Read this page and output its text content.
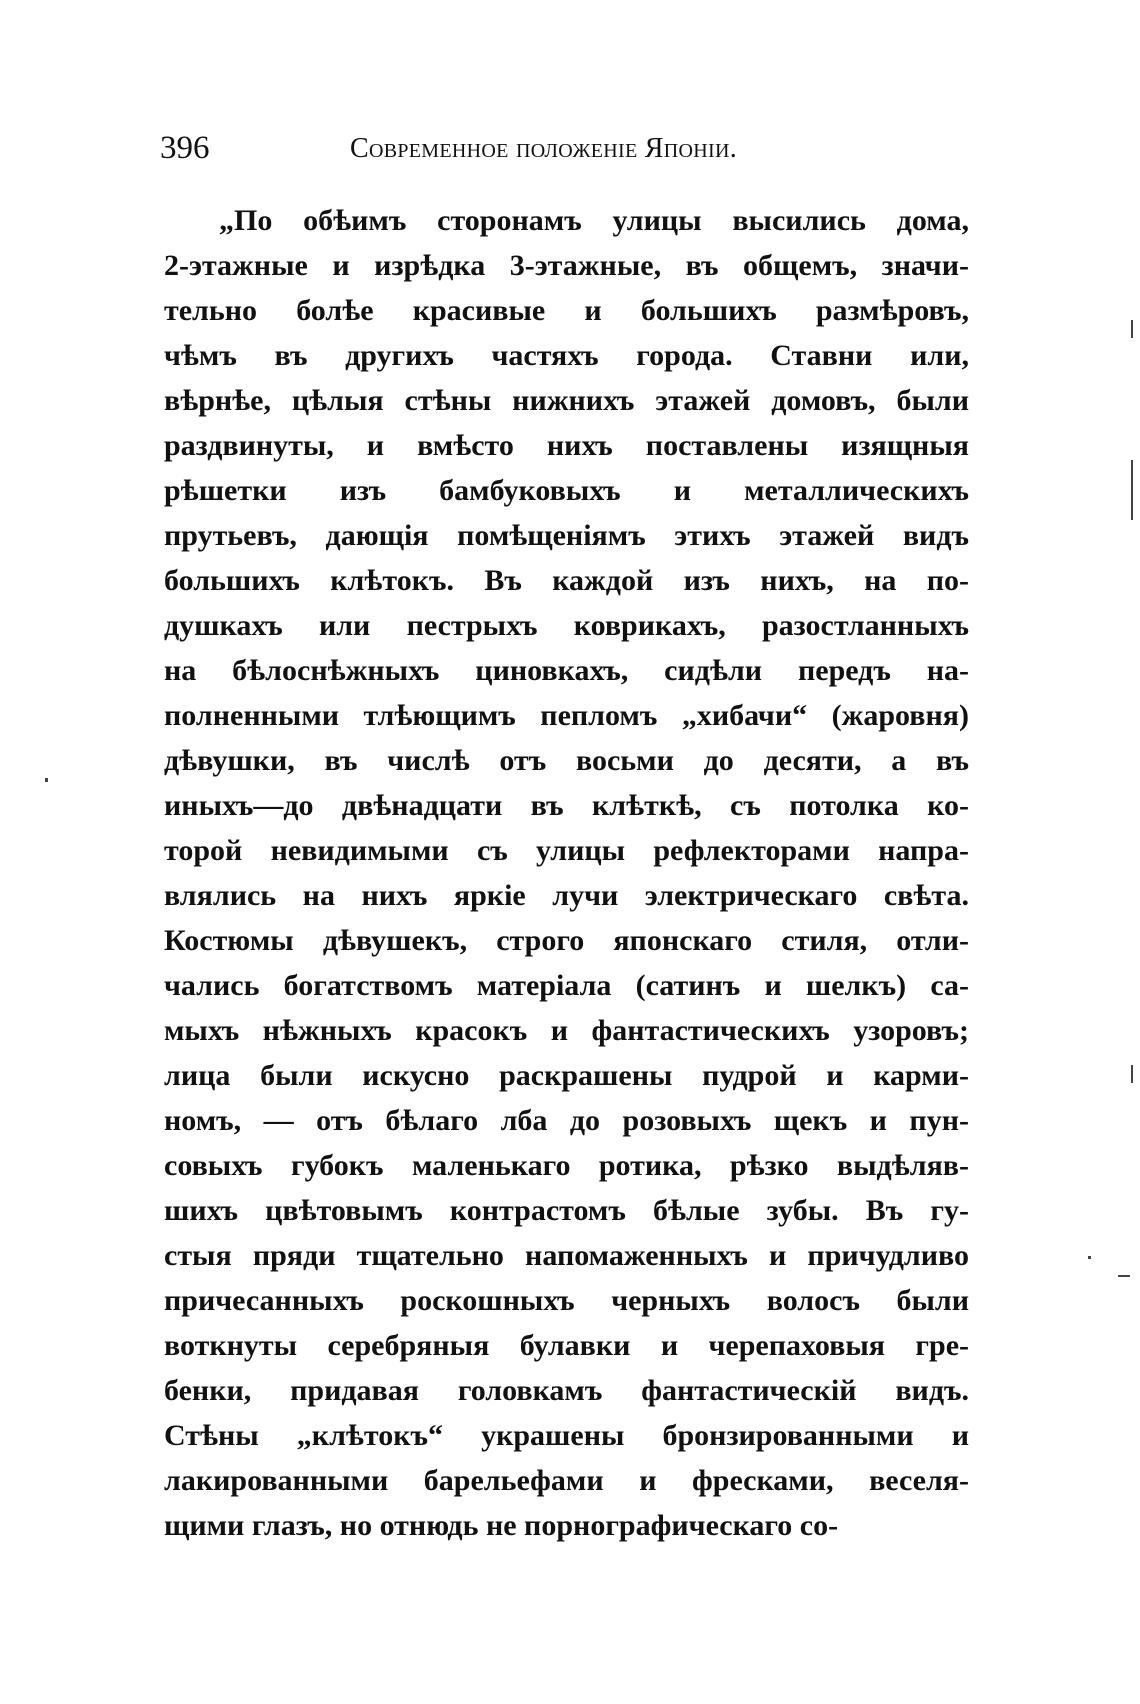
396	Современное положеніе Японіи.
„По обѣимъ сторонамъ улицы высились дома,
2-этажные и изрѣдка 3-этажные, въ общемъ, значи-
тельно болѣе красивые и большихъ размѣровъ,
чѣмъ въ другихъ частяхъ города. Ставни или,
вѣрнѣе, цѣлыя стѣны нижнихъ этажей домовъ, были
раздвинуты, и вмѣсто нихъ поставлены изящныя
рѣшетки изъ бамбуковыхъ и металлическихъ
прутьевъ, дающія помѣщеніямъ этихъ этажей видъ
большихъ клѣтокъ. Въ каждой изъ нихъ, на по-
душкахъ или пестрыхъ коврикахъ, разостланныхъ
на бѣлоснѣжныхъ циновкахъ, сидѣли передъ на-
полненными тлѣющимъ пепломъ „хибачи“ (жаровня)
дѣвушки, въ числѣ отъ восьми до десяти, а въ
иныхъ—до двѣнадцати въ клѣткѣ, съ потолка ко-
торой невидимыми съ улицы рефлекторами напра-
влялись на нихъ яркіе лучи электрическаго свѣта.
Костюмы дѣвушекъ, строго японскаго стиля, отли-
чались богатствомъ матеріала (сатинъ и шелкъ) са-
мыхъ нѣжныхъ красокъ и фантастическихъ узоровъ;
лица были искусно раскрашены пудрой и карми-
номъ, — отъ бѣлаго лба до розовыхъ щекъ и пун-
совыхъ губокъ маленькаго ротика, рѣзко выдѣляв-
шихъ цвѣтовымъ контрастомъ бѣлые зубы. Въ гу-
стыя пряди тщательно напомаженныхъ и причудливо
причесанныхъ роскошныхъ черныхъ волосъ были
воткнуты серебряныя булавки и черепаховыя гре-
бенки, придавая головкамъ фантастическій видъ.
Стѣны „клѣтокъ“ украшены бронзированными и
лакированными барельефами и фресками, веселя-
щими глазъ, но отнюдь не порнографическаго со-
